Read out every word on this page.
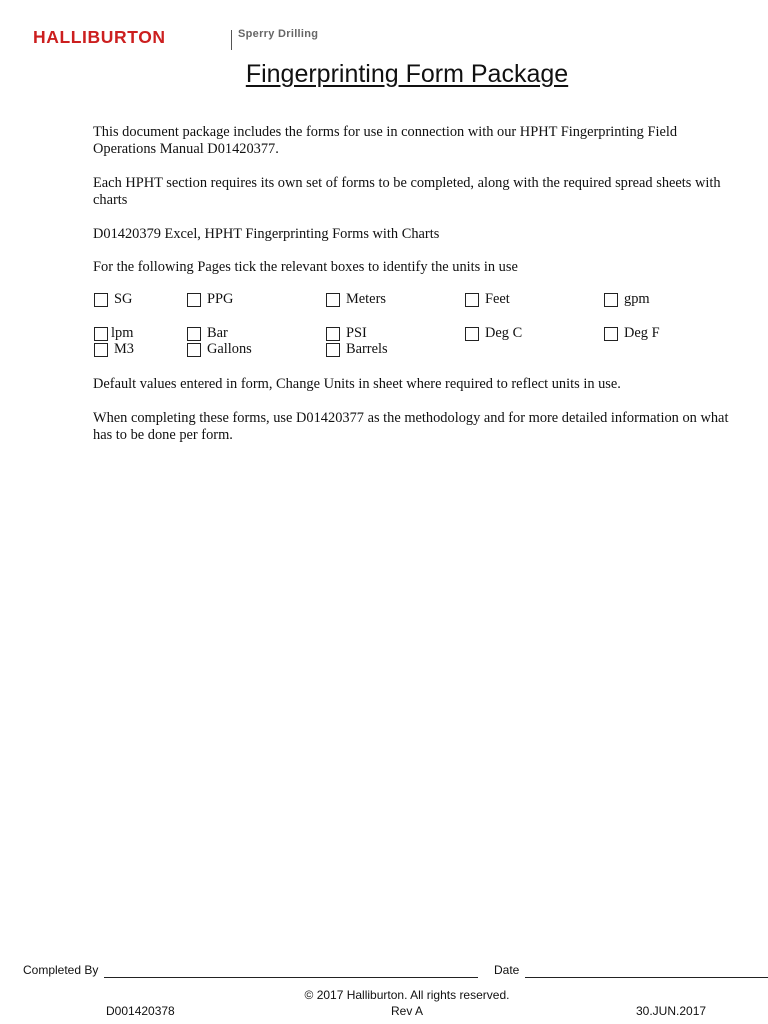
HALLIBURTON	Sperry Drilling
Fingerprinting Form Package
This document package includes the forms for use in connection with our HPHT Fingerprinting Field Operations Manual D01420377.
Each HPHT section requires its own set of forms to be completed, along with the required spread sheets with charts
D01420379 Excel, HPHT Fingerprinting Forms with Charts
For the following Pages tick the relevant boxes to identify the units in use
SG	PPG	Meters	Feet	gpm
lpm	Bar	PSI	Deg C	Deg F
M3	Gallons	Barrels
Default values entered in form, Change Units in sheet where required to reflect units in use.
When completing these forms, use D01420377 as the methodology and for more detailed information on what has to be done per form.
Completed By	Date
© 2017 Halliburton. All rights reserved.
D001420378	Rev A	30.JUN.2017
